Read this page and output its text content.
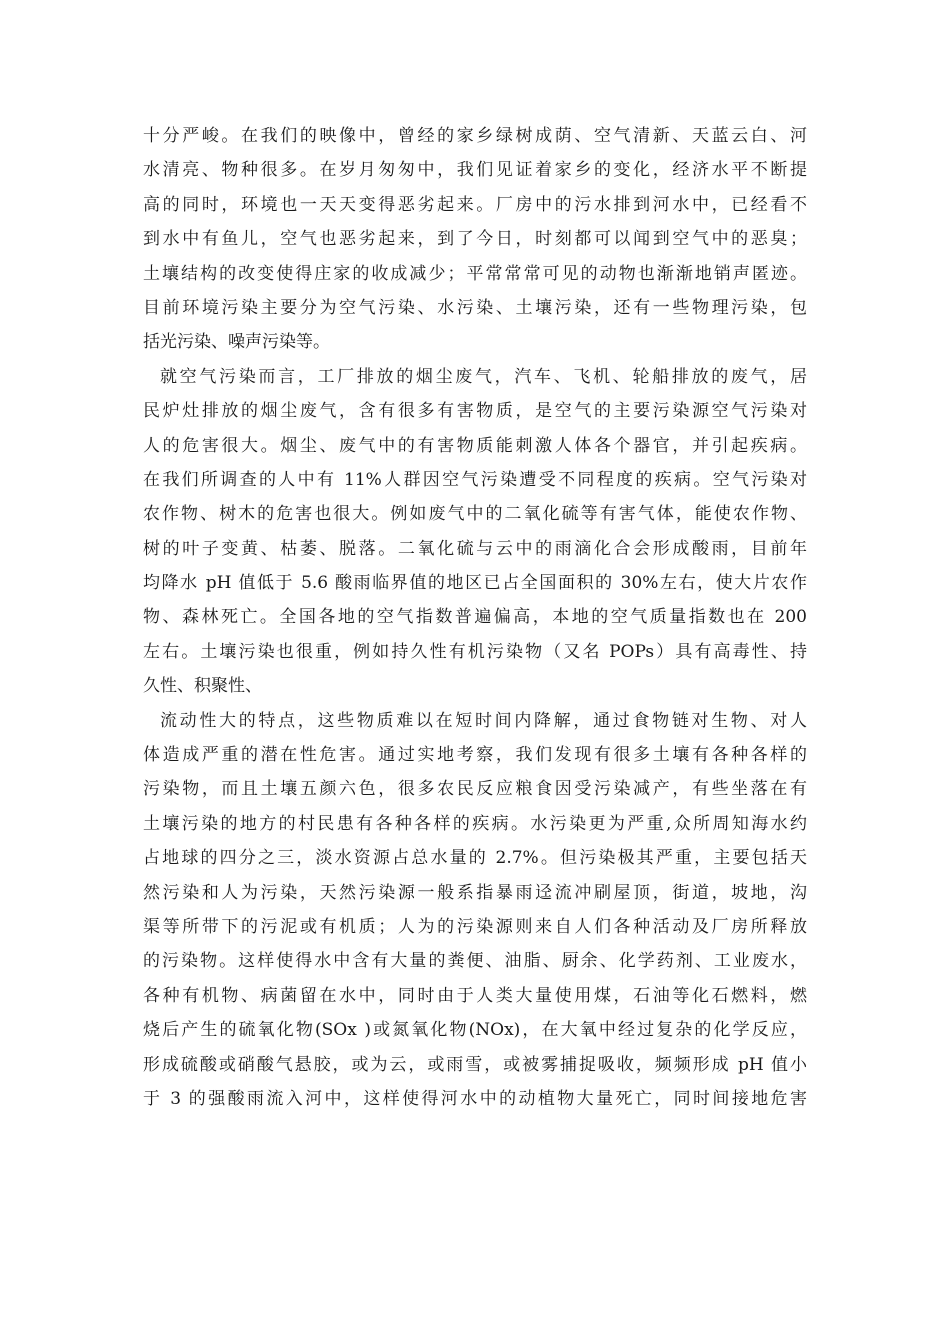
十分严峻。在我们的映像中，曾经的家乡绿树成荫、空气清新、天蓝云白、河
水清亮、物种很多。在岁月匆匆中，我们见证着家乡的变化，经济水平不断提
高的同时，环境也一天天变得恶劣起来。厂房中的污水排到河水中，已经看不
到水中有鱼儿，空气也恶劣起来，到了今日，时刻都可以闻到空气中的恶臭；
土壤结构的改变使得庄家的收成减少；平常常常可见的动物也渐渐地销声匿迹。
目前环境污染主要分为空气污染、水污染、土壤污染，还有一些物理污染，包
括光污染、噪声污染等。
就空气污染而言，工厂排放的烟尘废气，汽车、飞机、轮船排放的废气，居
民炉灶排放的烟尘废气，含有很多有害物质，是空气的主要污染源空气污染对
人的危害很大。烟尘、废气中的有害物质能刺激人体各个器官，并引起疾病。
在我们所调查的人中有 11%人群因空气污染遭受不同程度的疾病。空气污染对
农作物、树木的危害也很大。例如废气中的二氧化硫等有害气体，能使农作物、
树的叶子变黄、枯萎、脱落。二氧化硫与云中的雨滴化合会形成酸雨，目前年
均降水 pH 值低于 5.6 酸雨临界值的地区已占全国面积的 30%左右，使大片农作
物、森林死亡。全国各地的空气指数普遍偏高，本地的空气质量指数也在 200
左右。土壤污染也很重，例如持久性有机污染物（又名 POPs）具有高毒性、持
久性、积聚性、
流动性大的特点，这些物质难以在短时间内降解，通过食物链对生物、对人
体造成严重的潜在性危害。通过实地考察，我们发现有很多土壤有各种各样的
污染物，而且土壤五颜六色，很多农民反应粮食因受污染减产，有些坐落在有
土壤污染的地方的村民患有各种各样的疾病。水污染更为严重,众所周知海水约
占地球的四分之三，淡水资源占总水量的 2.7%。但污染极其严重，主要包括天
然污染和人为污染，天然污染源一般系指暴雨迳流冲刷屋顶，街道，坡地，沟
渠等所带下的污泥或有机质；人为的污染源则来自人们各种活动及厂房所释放
的污染物。这样使得水中含有大量的粪便、油脂、厨余、化学药剂、工业废水，
各种有机物、病菌留在水中，同时由于人类大量使用煤，石油等化石燃料，燃
烧后产生的硫氧化物(SOx )或氮氧化物(NOx)，在大氧中经过复杂的化学反应，
形成硫酸或硝酸气悬胶，或为云，或雨雪，或被雾捕捉吸收，频频形成 pH 值小
于 3 的强酸雨流入河中，这样使得河水中的动植物大量死亡，同时间接地危害
